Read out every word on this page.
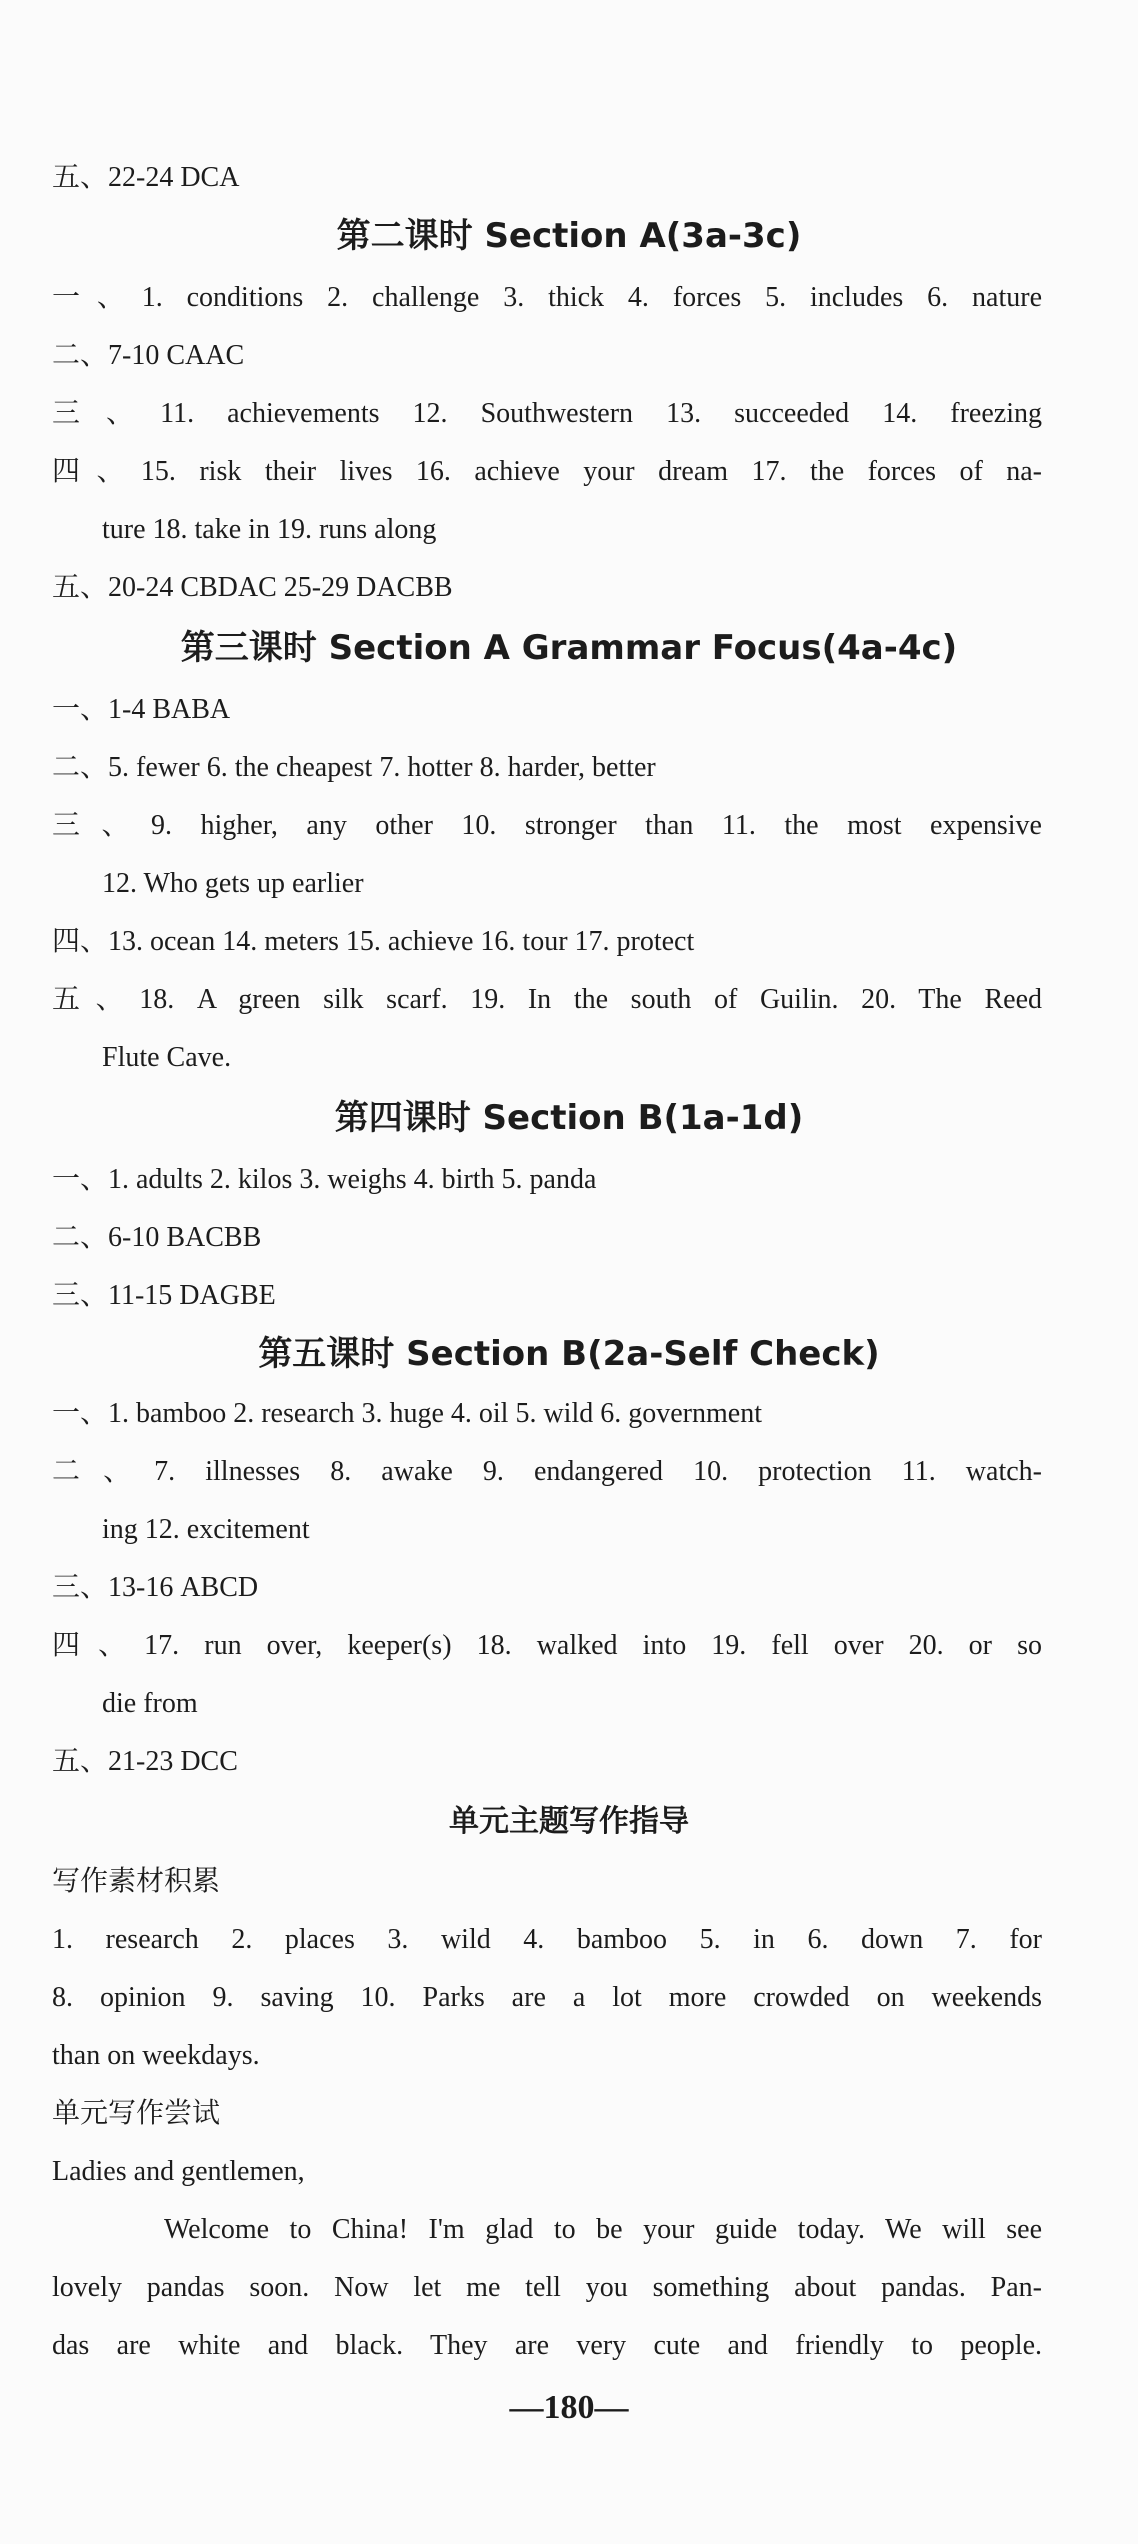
五、22-24 DCA
第二课时 Section A(3a-3c)
一、1. conditions 2. challenge 3. thick 4. forces 5. includes 6. nature
二、7-10 CAAC
三、11. achievements 12. Southwestern 13. succeeded 14. freezing
四、15. risk their lives 16. achieve your dream 17. the forces of na-
ture 18. take in 19. runs along
五、20-24 CBDAC 25-29 DACBB
第三课时 Section A Grammar Focus(4a-4c)
一、1-4 BABA
二、5. fewer 6. the cheapest 7. hotter 8. harder, better
三、9. higher, any other 10. stronger than 11. the most expensive
12. Who gets up earlier
四、13. ocean 14. meters 15. achieve 16. tour 17. protect
五、18. A green silk scarf. 19. In the south of Guilin. 20. The Reed
Flute Cave.
第四课时 Section B(1a-1d)
一、1. adults 2. kilos 3. weighs 4. birth 5. panda
二、6-10 BACBB
三、11-15 DAGBE
第五课时 Section B(2a-Self Check)
一、1. bamboo 2. research 3. huge 4. oil 5. wild 6. government
二、7. illnesses 8. awake 9. endangered 10. protection 11. watch-
ing 12. excitement
三、13-16 ABCD
四、17. run over, keeper(s) 18. walked into 19. fell over 20. or so
die from
五、21-23 DCC
单元主题写作指导
写作素材积累
1. research 2. places 3. wild 4. bamboo 5. in 6. down 7. for
8. opinion 9. saving 10. Parks are a lot more crowded on weekends
than on weekdays.
单元写作尝试
Ladies and gentlemen,
Welcome to China! I'm glad to be your guide today. We will see
lovely pandas soon. Now let me tell you something about pandas. Pan-
das are white and black. They are very cute and friendly to people.
—180—
